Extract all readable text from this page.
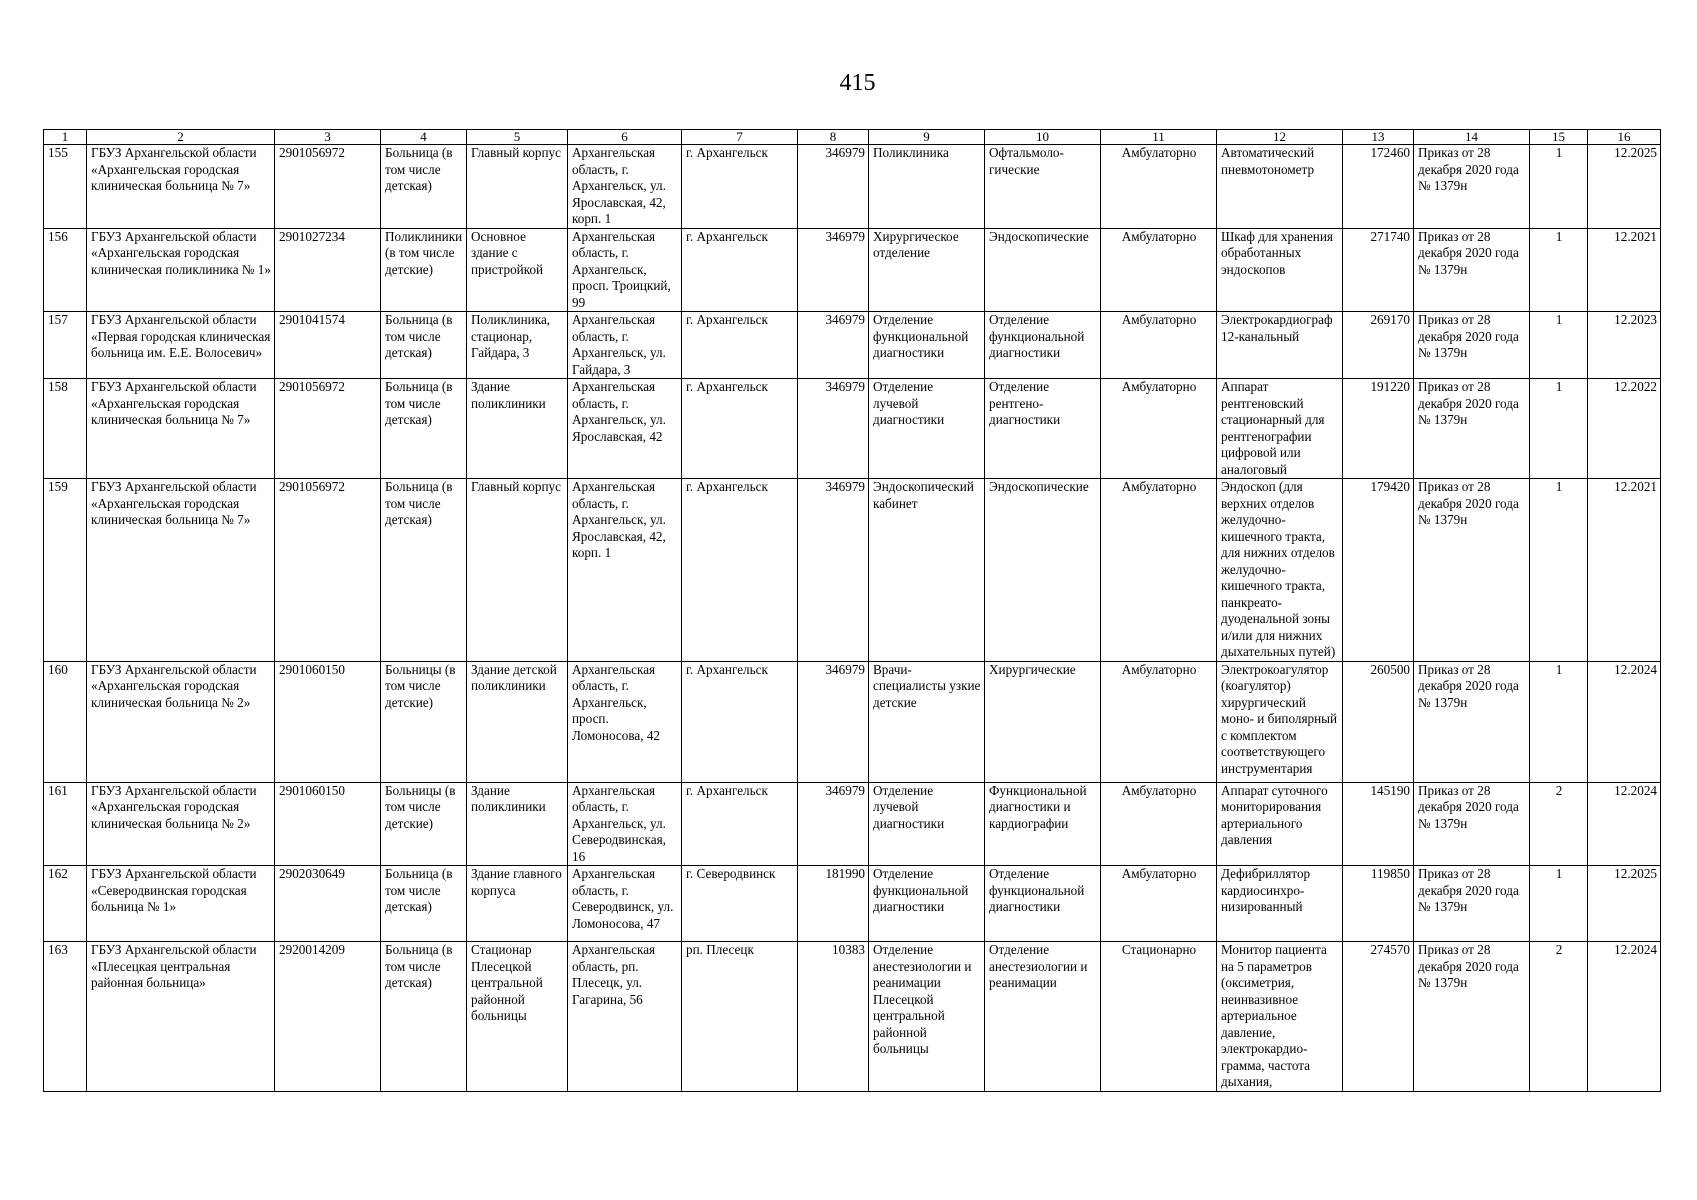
415
1	2	3	4	5	6	7	8	9	10	11	12	13	14	15	16
155	ГБУЗ Архангельской области «Архангельская городская клиническая больница № 7»	2901056972	Больница (в том числе детская)	Главный корпус	Архангельская область, г. Архангельск, ул. Ярославская, 42, корп. 1	г. Архангельск	346979	Поликлиника	Офтальмоло-гические	Амбулаторно	Автоматический пневмотонометр	172460	Приказ от 28 декабря 2020 года № 1379н	1	12.2025
156	ГБУЗ Архангельской области «Архангельская городская клиническая поликлиника № 1»	2901027234	Поликлиники (в том числе детские)	Основное здание с пристройкой	Архангельская область, г. Архангельск, просп. Троицкий, 99	г. Архангельск	346979	Хирургическое отделение	Эндоскопические	Амбулаторно	Шкаф для хранения обработанных эндоскопов	271740	Приказ от 28 декабря 2020 года № 1379н	1	12.2021
157	ГБУЗ Архангельской области «Первая городская клиническая больница им. Е.Е. Волосевич»	2901041574	Больница (в том числе детская)	Поликлиника, стационар, Гайдара, 3	Архангельская область, г. Архангельск, ул. Гайдара, 3	г. Архангельск	346979	Отделение функциональной диагностики	Отделение функциональной диагностики	Амбулаторно	Электрокардиограф 12-канальный	269170	Приказ от 28 декабря 2020 года № 1379н	1	12.2023
158	ГБУЗ Архангельской области «Архангельская городская клиническая больница № 7»	2901056972	Больница (в том числе детская)	Здание поликлиники	Архангельская область, г. Архангельск, ул. Ярославская, 42	г. Архангельск	346979	Отделение лучевой диагностики	Отделение рентгено-диагностики	Амбулаторно	Аппарат рентгеновский стационарный для рентгенографии цифровой или аналоговый	191220	Приказ от 28 декабря 2020 года № 1379н	1	12.2022
159	ГБУЗ Архангельской области «Архангельская городская клиническая больница № 7»	2901056972	Больница (в том числе детская)	Главный корпус	Архангельская область, г. Архангельск, ул. Ярославская, 42, корп. 1	г. Архангельск	346979	Эндоскопический кабинет	Эндоскопические	Амбулаторно	Эндоскоп (для верхних отделов желудочно-кишечного тракта, для нижних отделов желудочно-кишечного тракта, панкреато-дуоденальной зоны и/или для нижних дыхательных путей)	179420	Приказ от 28 декабря 2020 года № 1379н	1	12.2021
160	ГБУЗ Архангельской области «Архангельская городская клиническая больница № 2»	2901060150	Больницы (в том числе детские)	Здание детской поликлиники	Архангельская область, г. Архангельск, просп. Ломоносова, 42	г. Архангельск	346979	Врачи-специалисты узкие детские	Хирургические	Амбулаторно	Электрокоагулятор (коагулятор) хирургический моно- и биполярный с комплектом соответствующего инструментария	260500	Приказ от 28 декабря 2020 года № 1379н	1	12.2024
161	ГБУЗ Архангельской области «Архангельская городская клиническая больница № 2»	2901060150	Больницы (в том числе детские)	Здание поликлиники	Архангельская область, г. Архангельск, ул. Северодвинская, 16	г. Архангельск	346979	Отделение лучевой диагностики	Функциональной диагностики и кардиографии	Амбулаторно	Аппарат суточного мониторирования артериального давления	145190	Приказ от 28 декабря 2020 года № 1379н	2	12.2024
162	ГБУЗ Архангельской области «Северодвинская городская больница № 1»	2902030649	Больница (в том числе детская)	Здание главного корпуса	Архангельская область, г. Северодвинск, ул. Ломоносова, 47	г. Северодвинск	181990	Отделение функциональной диагностики	Отделение функциональной диагностики	Амбулаторно	Дефибриллятор кардиосинхро-низированный	119850	Приказ от 28 декабря 2020 года № 1379н	1	12.2025
163	ГБУЗ Архангельской области «Плесецкая центральная районная больница»	2920014209	Больница (в том числе детская)	Стационар Плесецкой центральной районной больницы	Архангельская область, рп. Плесецк, ул. Гагарина, 56	рп. Плесецк	10383	Отделение анестезиологии и реанимации Плесецкой центральной районной больницы	Отделение анестезиологии и реанимации	Стационарно	Монитор пациента на 5 параметров (оксиметрия, неинвазивное артериальное давление, электрокардио-грамма, частота дыхания,	274570	Приказ от 28 декабря 2020 года № 1379н	2	12.2024
